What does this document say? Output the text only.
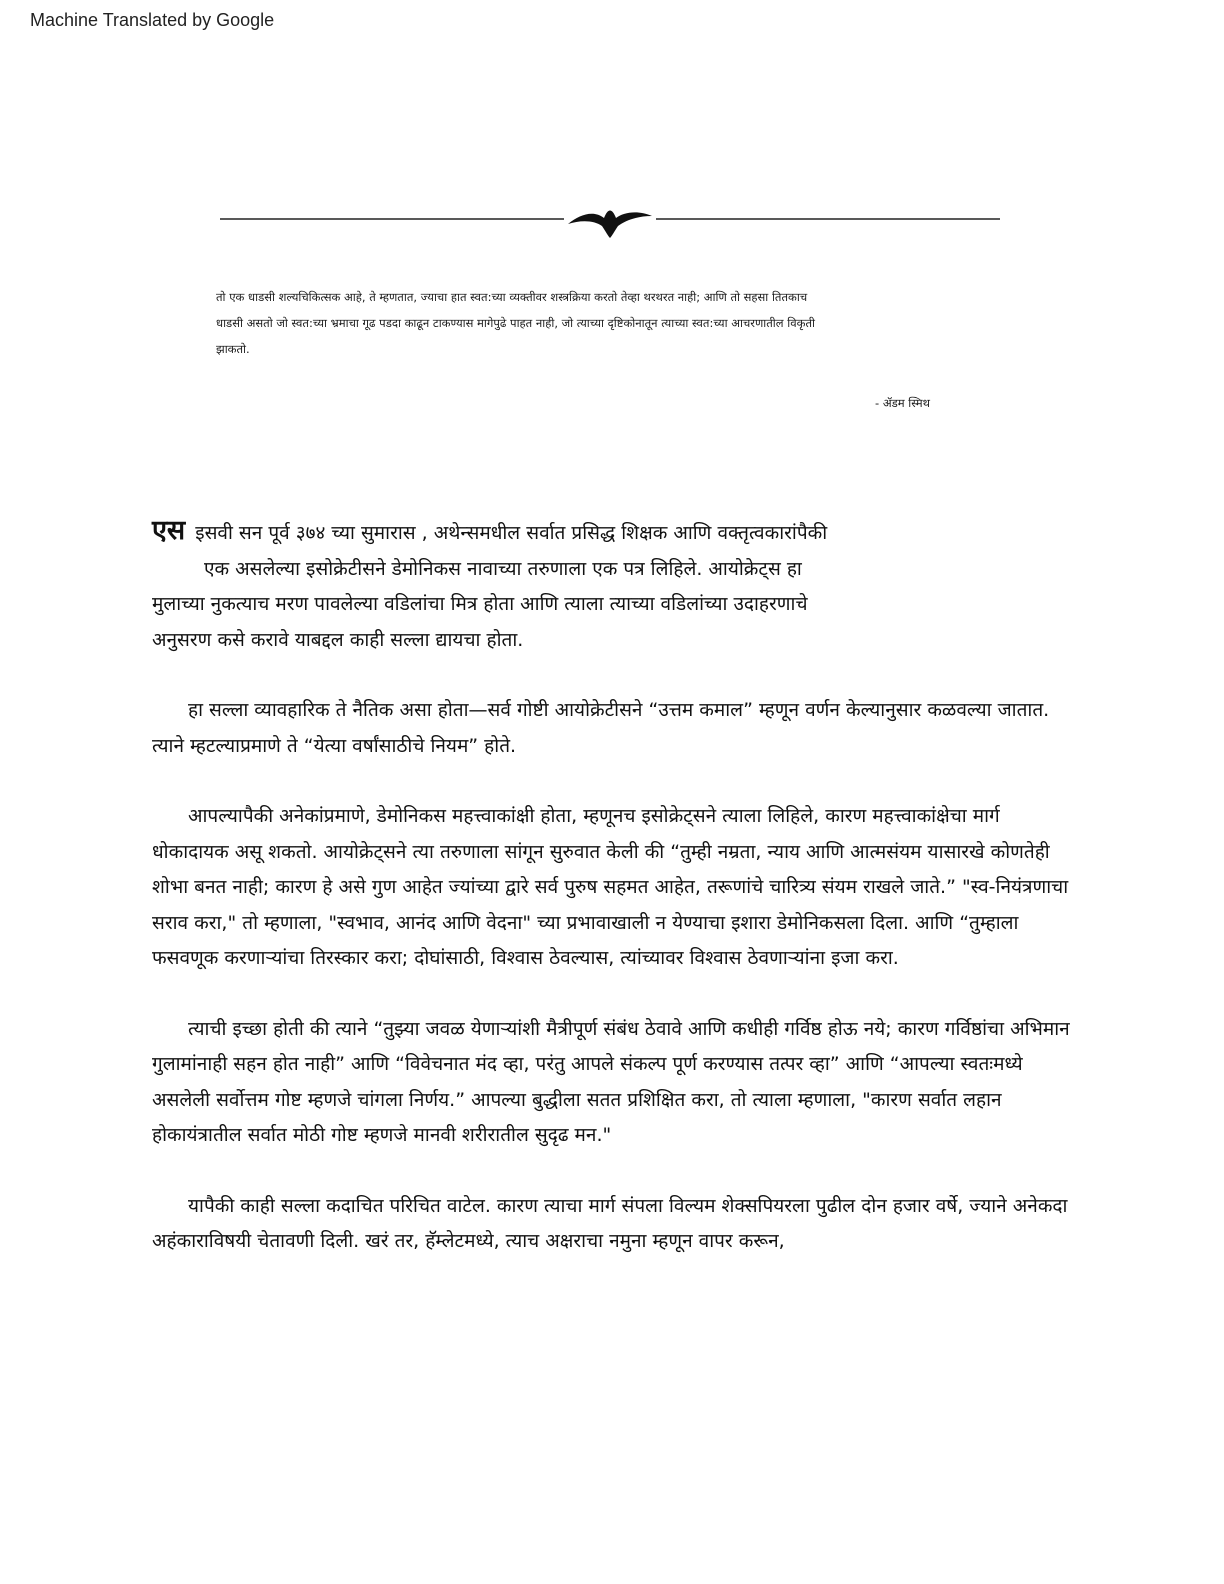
Machine Translated by Google

तो एक धाडसी शल्यचिकित्सक आहे, ते म्हणतात, ज्याचा हात स्वत:च्या व्यक्तीवर शस्त्रक्रिया करतो तेव्हा थरथरत नाही; आणि तो सहसा तितकाच

धाडसी असतो जो स्वत:च्या भ्रमाचा गूढ पडदा काढून टाकण्यास मागेपुढे पाहत नाही, जो त्याच्या दृष्टिकोनातून त्याच्या स्वत:च्या आचरणातील विकृती

झाकतो.

- ॲडम स्मिथ

एस इसवी सन पूर्व ३७४ च्या सुमारास , अथेन्समधील सर्वात प्रसिद्ध शिक्षक आणि वक्तृत्वकारांपैकी
एक असलेल्या इसोक्रेटीसने डेमोनिकस नावाच्या तरुणाला एक पत्र लिहिले. आयोक्रेट्स हा
मुलाच्या नुकत्याच मरण पावलेल्या वडिलांचा मित्र होता आणि त्याला त्याच्या वडिलांच्या उदाहरणाचे
अनुसरण कसे करावे याबद्दल काही सल्ला द्यायचा होता.

हा सल्ला व्यावहारिक ते नैतिक असा होता—सर्व गोष्टी आयोक्रेटीसने “उत्तम कमाल” म्हणून वर्णन केल्यानुसार कळवल्या जातात. त्याने म्हटल्याप्रमाणे ते “येत्या वर्षांसाठीचे नियम” होते.

आपल्यापैकी अनेकांप्रमाणे, डेमोनिकस महत्त्वाकांक्षी होता, म्हणूनच इसोक्रेट्सने त्याला लिहिले, कारण महत्त्वाकांक्षेचा मार्ग धोकादायक असू शकतो. आयोक्रेट्सने त्या तरुणाला सांगून सुरुवात केली की “तुम्ही नम्रता, न्याय आणि आत्मसंयम यासारखे कोणतेही शोभा बनत नाही; कारण हे असे गुण आहेत ज्यांच्या द्वारे सर्व पुरुष सहमत आहेत, तरूणांचे चारित्र्य संयम राखले जाते.” "स्व-नियंत्रणाचा सराव करा," तो म्हणाला, "स्वभाव, आनंद आणि वेदना" च्या प्रभावाखाली न येण्याचा इशारा डेमोनिकसला दिला. आणि “तुम्हाला फसवणूक करणाऱ्यांचा तिरस्कार करा; दोघांसाठी, विश्वास ठेवल्यास, त्यांच्यावर विश्वास ठेवणाऱ्यांना इजा करा.

त्याची इच्छा होती की त्याने “तुझ्या जवळ येणाऱ्यांशी मैत्रीपूर्ण संबंध ठेवावे आणि कधीही गर्विष्ठ होऊ नये; कारण गर्विष्ठांचा अभिमान गुलामांनाही सहन होत नाही” आणि “विवेचनात मंद व्हा, परंतु आपले संकल्प पूर्ण करण्यास तत्पर व्हा” आणि “आपल्या स्वतःमध्ये असलेली सर्वोत्तम गोष्ट म्हणजे चांगला निर्णय.” आपल्या बुद्धीला सतत प्रशिक्षित करा, तो त्याला म्हणाला, "कारण सर्वात लहान होकायंत्रातील सर्वात मोठी गोष्ट म्हणजे मानवी शरीरातील सुदृढ मन."

यापैकी काही सल्ला कदाचित परिचित वाटेल. कारण त्याचा मार्ग संपला विल्यम शेक्सपियरला पुढील दोन हजार वर्षे, ज्याने अनेकदा अहंकाराविषयी चेतावणी दिली. खरं तर, हॅम्लेटमध्ये, त्याच अक्षराचा नमुना म्हणून वापर करून,
